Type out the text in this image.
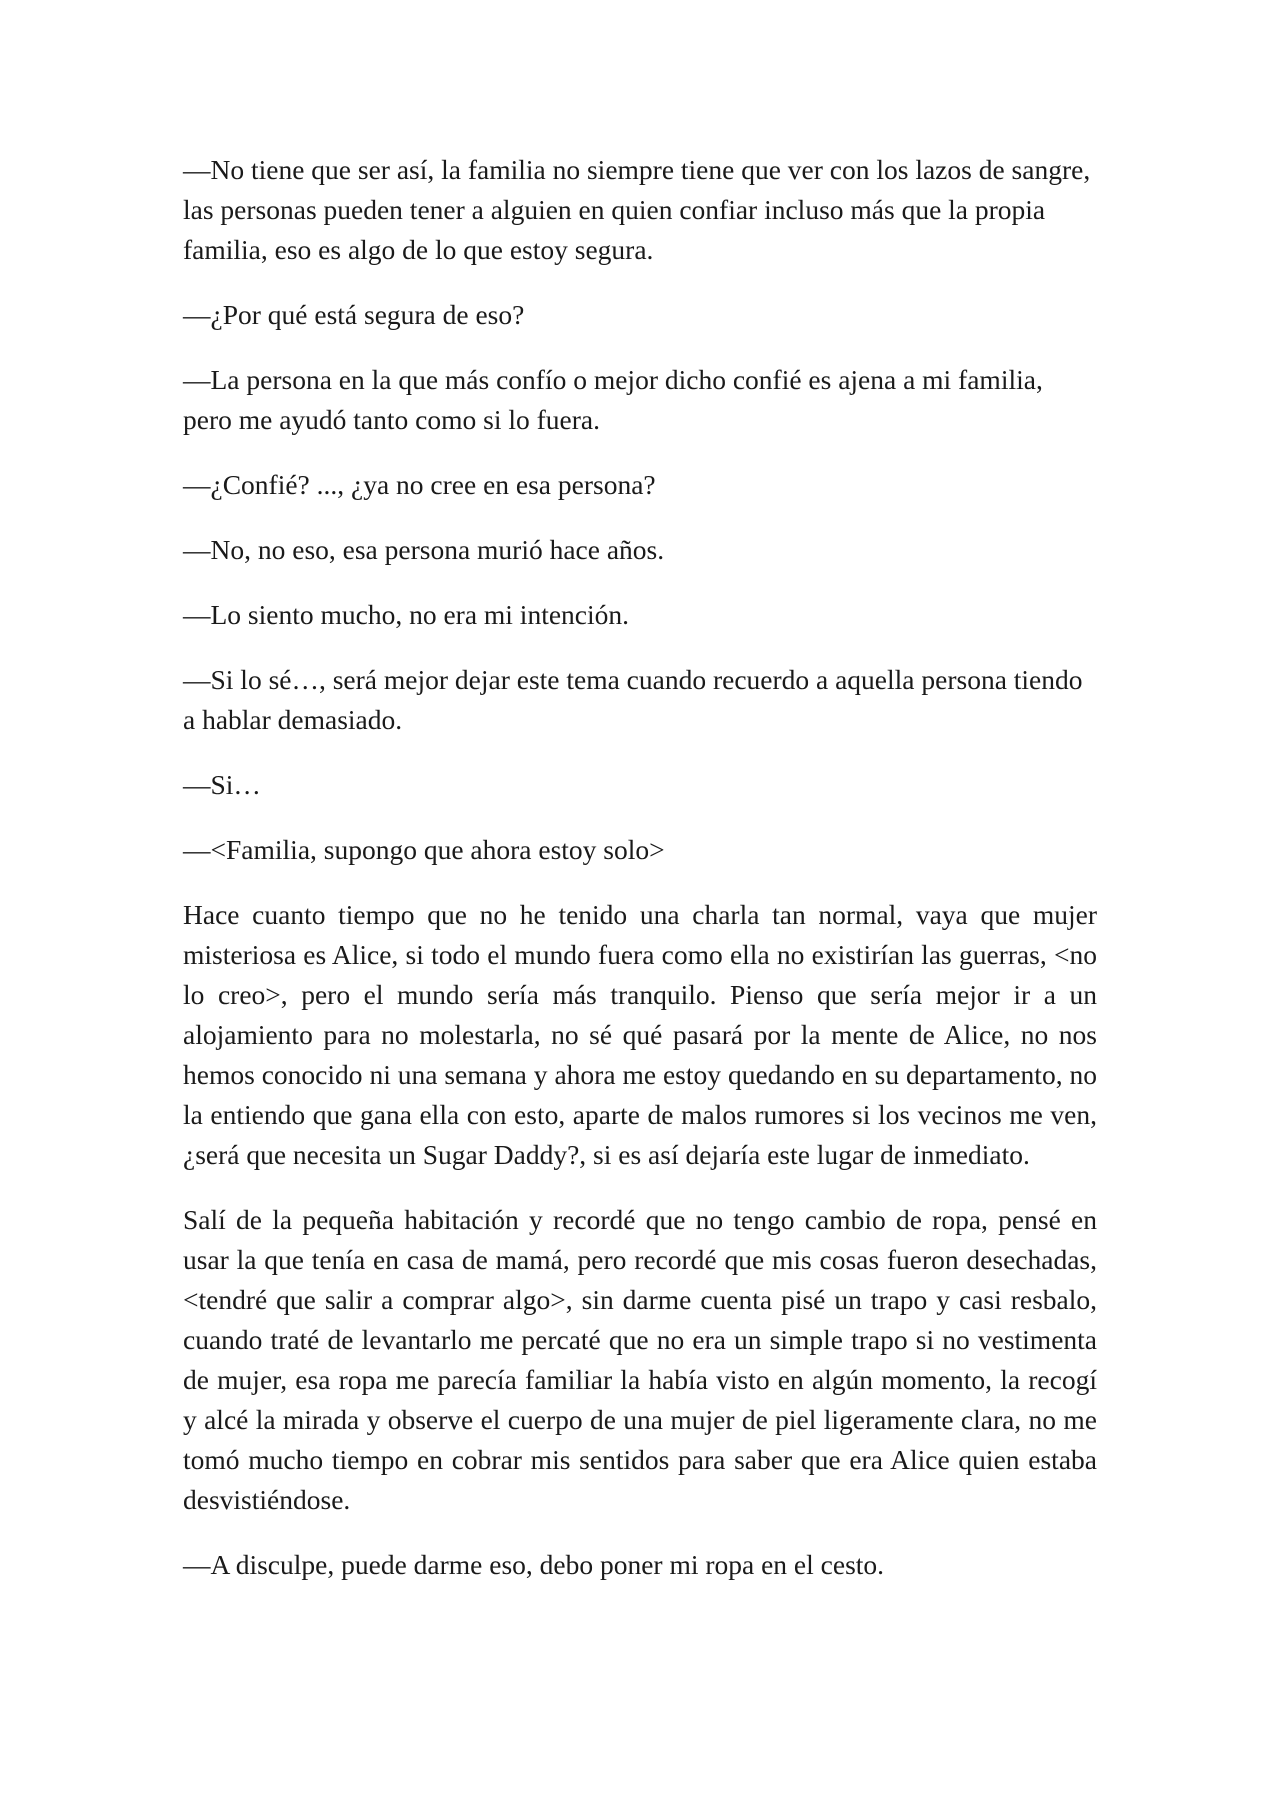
—No tiene que ser así, la familia no siempre tiene que ver con los lazos de sangre, las personas pueden tener a alguien en quien confiar incluso más que la propia familia, eso es algo de lo que estoy segura.

—¿Por qué está segura de eso?

—La persona en la que más confío o mejor dicho confié es ajena a mi familia, pero me ayudó tanto como si lo fuera.

—¿Confié? ..., ¿ya no cree en esa persona?

—No, no eso, esa persona murió hace años.

—Lo siento mucho, no era mi intención.

—Si lo sé…, será mejor dejar este tema cuando recuerdo a aquella persona tiendo a hablar demasiado.

—Si…

—<Familia, supongo que ahora estoy solo>

Hace cuanto tiempo que no he tenido una charla tan normal, vaya que mujer misteriosa es Alice, si todo el mundo fuera como ella no existirían las guerras, <no lo creo>, pero el mundo sería más tranquilo. Pienso que sería mejor ir a un alojamiento para no molestarla, no sé qué pasará por la mente de Alice, no nos hemos conocido ni una semana y ahora me estoy quedando en su departamento, no la entiendo que gana ella con esto, aparte de malos rumores si los vecinos me ven, ¿será que necesita un Sugar Daddy?, si es así dejaría este lugar de inmediato.

Salí de la pequeña habitación y recordé que no tengo cambio de ropa, pensé en usar la que tenía en casa de mamá, pero recordé que mis cosas fueron desechadas, <tendré que salir a comprar algo>, sin darme cuenta pisé un trapo y casi resbalo, cuando traté de levantarlo me percaté que no era un simple trapo si no vestimenta de mujer, esa ropa me parecía familiar la había visto en algún momento, la recogí y alcé la mirada y observe el cuerpo de una mujer de piel ligeramente clara, no me tomó mucho tiempo en cobrar mis sentidos para saber que era Alice quien estaba desvistiéndose.

—A disculpe, puede darme eso, debo poner mi ropa en el cesto.
